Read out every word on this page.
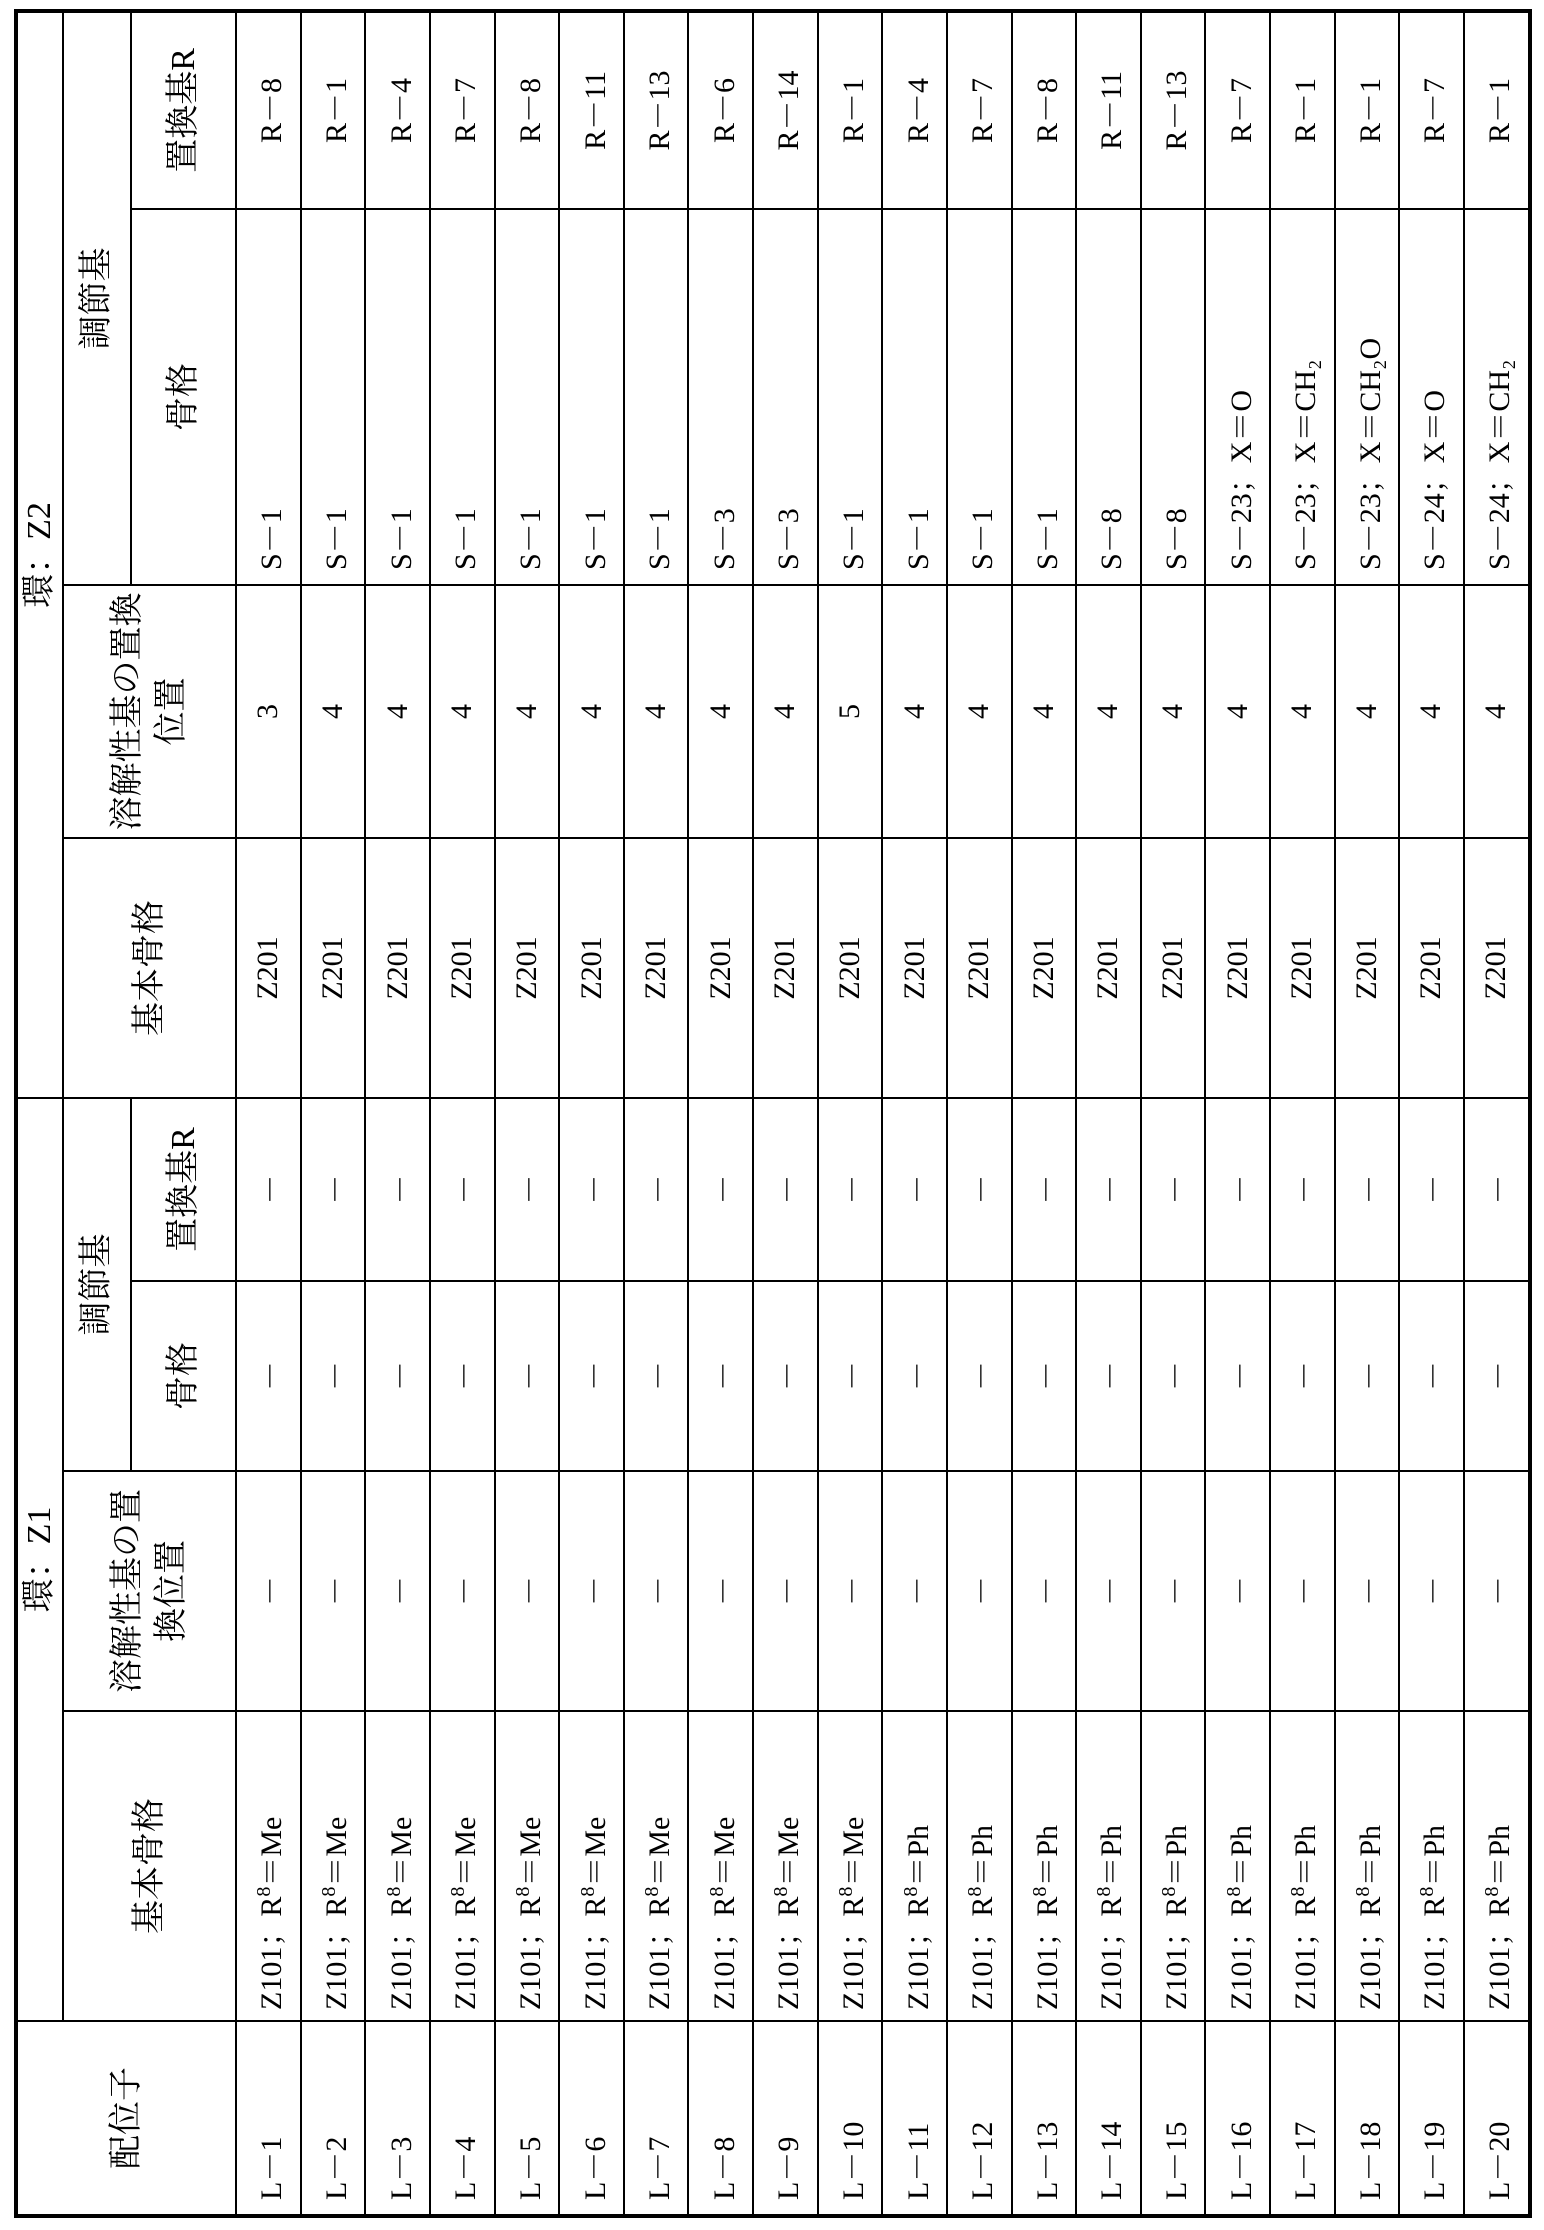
配位子	環：Z1	環：Z2
基本骨格	溶解性基の置換位置	調節基	基本骨格	溶解性基の置換位置	調節基
骨格	置換基R	骨格	置換基R
L－1	Z101；R8＝Me	－	－	－	Z201	3	S－1	R－8
L－2	Z101；R8＝Me	－	－	－	Z201	4	S－1	R－1
L－3	Z101；R8＝Me	－	－	－	Z201	4	S－1	R－4
L－4	Z101；R8＝Me	－	－	－	Z201	4	S－1	R－7
L－5	Z101；R8＝Me	－	－	－	Z201	4	S－1	R－8
L－6	Z101；R8＝Me	－	－	－	Z201	4	S－1	R－11
L－7	Z101；R8＝Me	－	－	－	Z201	4	S－1	R－13
L－8	Z101；R8＝Me	－	－	－	Z201	4	S－3	R－6
L－9	Z101；R8＝Me	－	－	－	Z201	4	S－3	R－14
L－10	Z101；R8＝Me	－	－	－	Z201	5	S－1	R－1
L－11	Z101；R8＝Ph	－	－	－	Z201	4	S－1	R－4
L－12	Z101；R8＝Ph	－	－	－	Z201	4	S－1	R－7
L－13	Z101；R8＝Ph	－	－	－	Z201	4	S－1	R－8
L－14	Z101；R8＝Ph	－	－	－	Z201	4	S－8	R－11
L－15	Z101；R8＝Ph	－	－	－	Z201	4	S－8	R－13
L－16	Z101；R8＝Ph	－	－	－	Z201	4	S－23；X＝O	R－7
L－17	Z101；R8＝Ph	－	－	－	Z201	4	S－23；X＝CH₂	R－1
L－18	Z101；R8＝Ph	－	－	－	Z201	4	S－23；X＝CH₂O	R－1
L－19	Z101；R8＝Ph	－	－	－	Z201	4	S－24；X＝O	R－7
L－20	Z101；R8＝Ph	－	－	－	Z201	4	S－24；X＝CH₂	R－1
